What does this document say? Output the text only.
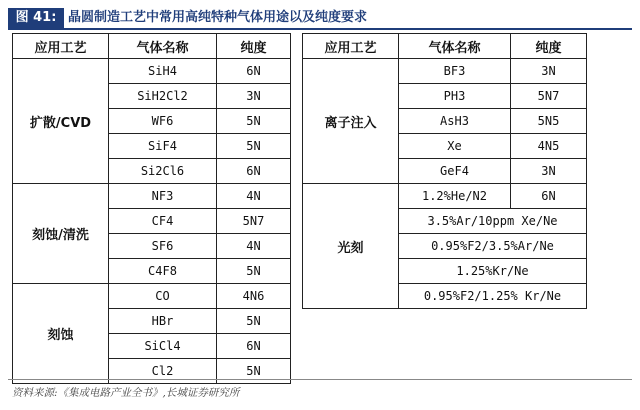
图 41: 晶圆制造工艺中常用高纯特种气体用途以及纯度要求
应用工艺	气体名称	纯度
扩散/CVD	SiH4	6N
	SiH2Cl2	3N
	WF6	5N
	SiF4	5N
	Si2Cl6	6N
刻蚀/清洗	NF3	4N
	CF4	5N7
	SF6	4N
	C4F8	5N
刻蚀	CO	4N6
	HBr	5N
	SiCl4	6N
	Cl2	5N
应用工艺	气体名称	纯度
离子注入	BF3	3N
	PH3	5N7
	AsH3	5N5
	Xe	4N5
	GeF4	3N
光刻	1.2%He/N2	6N
	3.5%Ar/10ppm Xe/Ne	
	0.95%F2/3.5%Ar/Ne	
	1.25%Kr/Ne	
	0.95%F2/1.25% Kr/Ne	
资料来源:《集成电路产业全书》,长城证券研究所
